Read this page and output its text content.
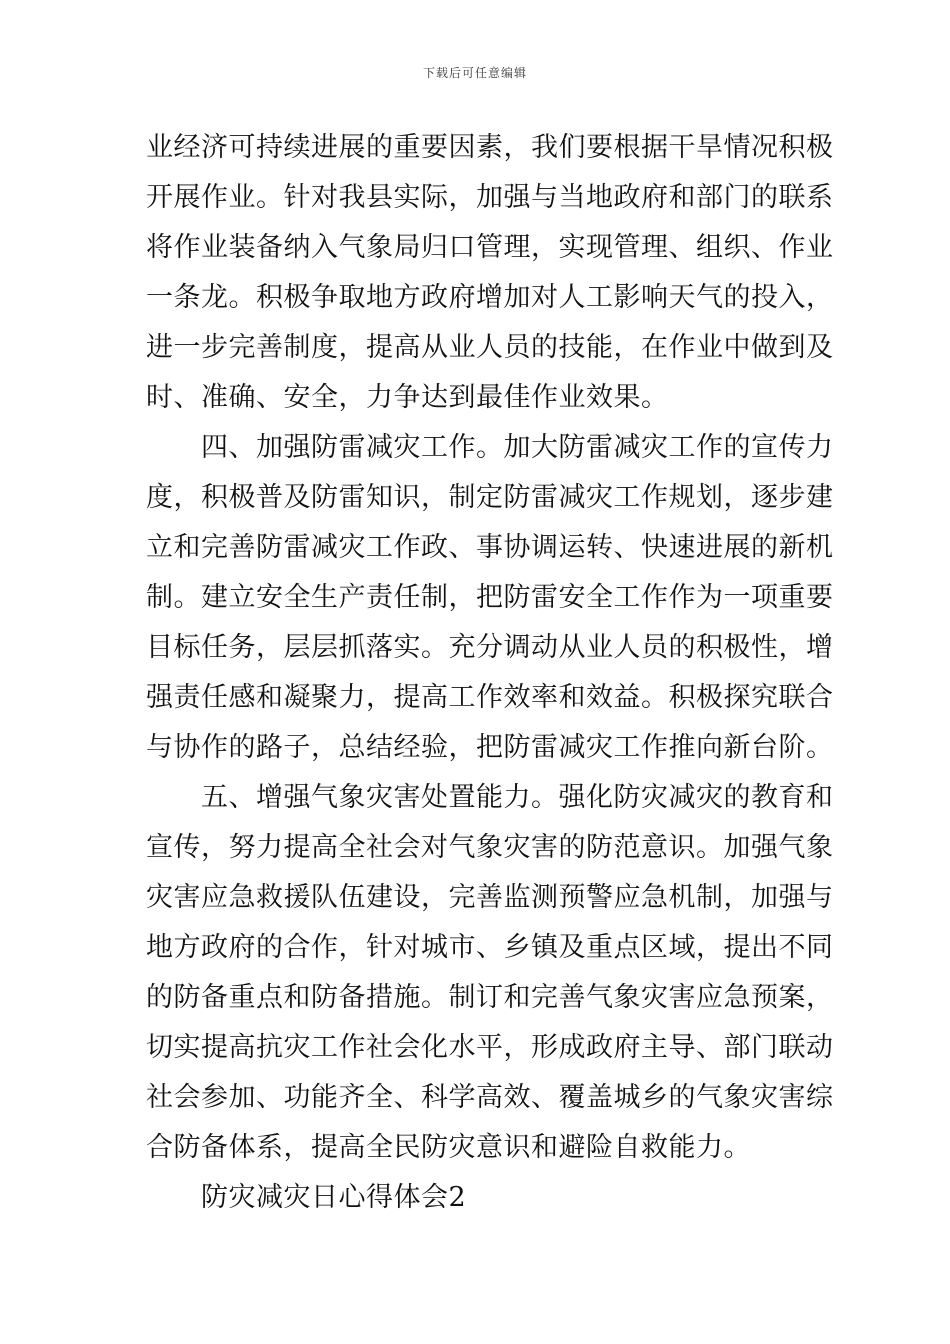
下载后可任意编辑
业经济可持续进展的重要因素，我们要根据干旱情况积极
开展作业。针对我县实际，加强与当地政府和部门的联系
将作业装备纳入气象局归口管理，实现管理、组织、作业
一条龙。积极争取地方政府增加对人工影响天气的投入，
进一步完善制度，提高从业人员的技能，在作业中做到及
时、准确、安全，力争达到最佳作业效果。
　　四、加强防雷减灾工作。加大防雷减灾工作的宣传力
度，积极普及防雷知识，制定防雷减灾工作规划，逐步建
立和完善防雷减灾工作政、事协调运转、快速进展的新机
制。建立安全生产责任制，把防雷安全工作作为一项重要
目标任务，层层抓落实。充分调动从业人员的积极性，增
强责任感和凝聚力，提高工作效率和效益。积极探究联合
与协作的路子，总结经验，把防雷减灾工作推向新台阶。
　　五、增强气象灾害处置能力。强化防灾减灾的教育和
宣传，努力提高全社会对气象灾害的防范意识。加强气象
灾害应急救援队伍建设，完善监测预警应急机制，加强与
地方政府的合作，针对城市、乡镇及重点区域，提出不同
的防备重点和防备措施。制订和完善气象灾害应急预案，
切实提高抗灾工作社会化水平，形成政府主导、部门联动
社会参加、功能齐全、科学高效、覆盖城乡的气象灾害综
合防备体系，提高全民防灾意识和避险自救能力。
　　防灾减灾日心得体会2
